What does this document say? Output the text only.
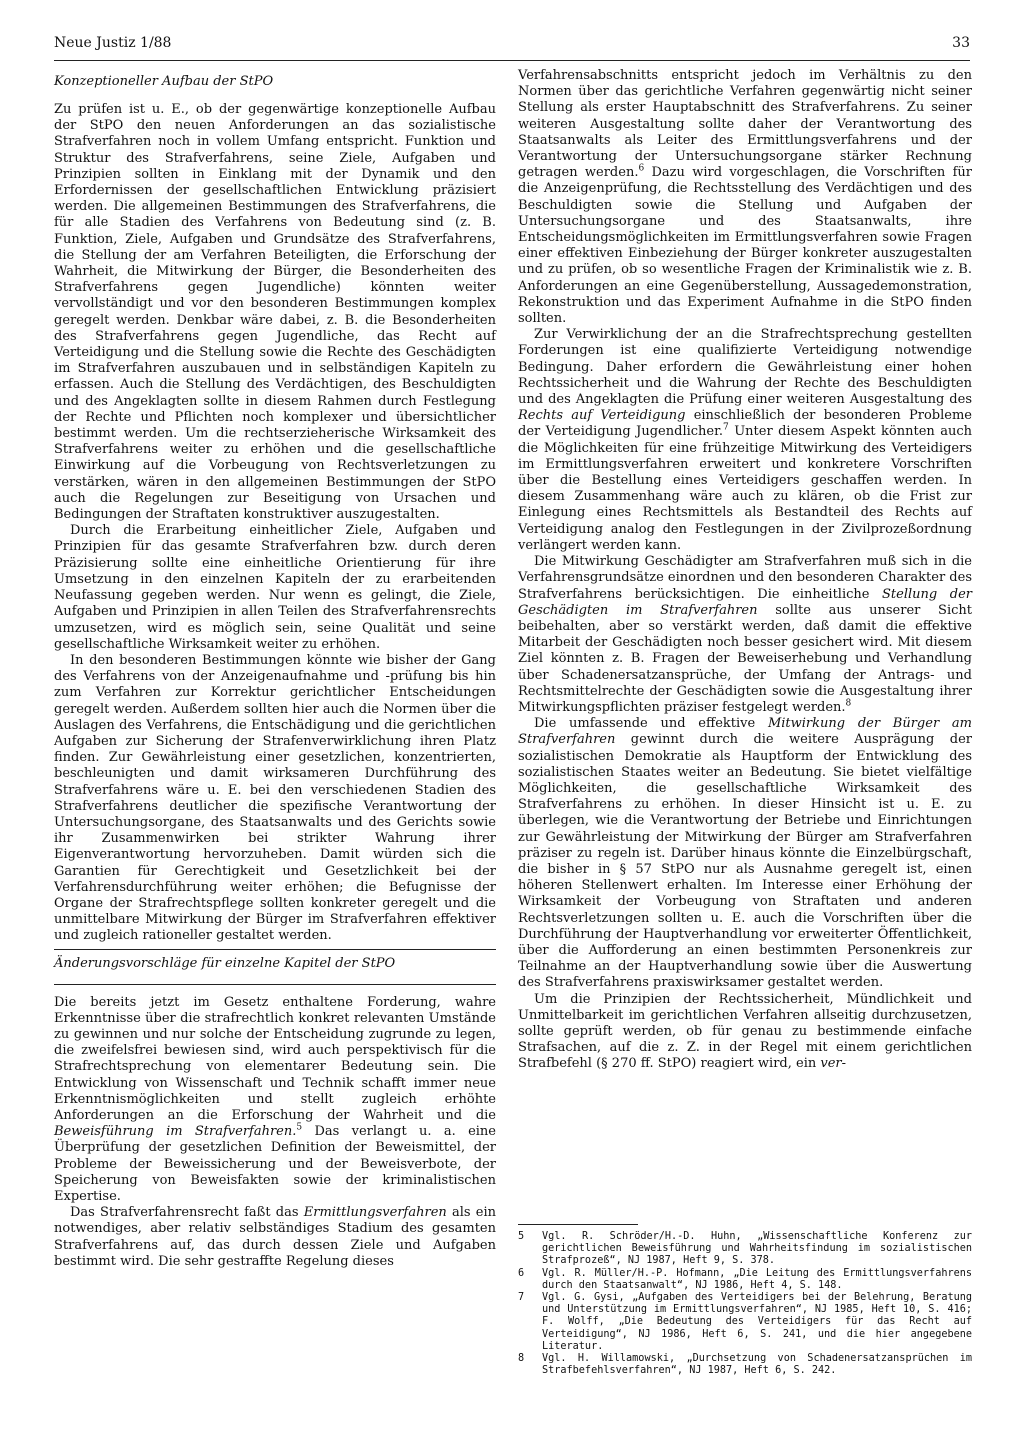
Neue Justiz 1/88	33
Konzeptioneller Aufbau der StPO

Zu prüfen ist u. E., ob der gegenwärtige konzeptionelle Aufbau der StPO den neuen Anforderungen an das sozialistische Strafverfahren noch in vollem Umfang entspricht. Funktion und Struktur des Strafverfahrens, seine Ziele, Aufgaben und Prinzipien sollten in Einklang mit der Dynamik und den Erfordernissen der gesellschaftlichen Entwicklung präzisiert werden. Die allgemeinen Bestimmungen des Strafverfahrens, die für alle Stadien des Verfahrens von Bedeutung sind (z. B. Funktion, Ziele, Aufgaben und Grundsätze des Strafverfahrens, die Stellung der am Verfahren Beteiligten, die Erforschung der Wahrheit, die Mitwirkung der Bürger, die Besonderheiten des Strafverfahrens gegen Jugendliche) könnten weiter vervollständigt und vor den besonderen Bestimmungen komplex geregelt werden. Denkbar wäre dabei, z. B. die Besonderheiten des Strafverfahrens gegen Jugendliche, das Recht auf Verteidigung und die Stellung sowie die Rechte des Geschädigten im Strafverfahren auszubauen und in selbständigen Kapiteln zu erfassen. Auch die Stellung des Verdächtigen, des Beschuldigten und des Angeklagten sollte in diesem Rahmen durch Festlegung der Rechte und Pflichten noch komplexer und übersichtlicher bestimmt werden. Um die rechtserzieherische Wirksamkeit des Strafverfahrens weiter zu erhöhen und die gesellschaftliche Einwirkung auf die Vorbeugung von Rechtsverletzungen zu verstärken, wären in den allgemeinen Bestimmungen der StPO auch die Regelungen zur Beseitigung von Ursachen und Bedingungen der Straftaten konstruktiver auszugestalten.

Durch die Erarbeitung einheitlicher Ziele, Aufgaben und Prinzipien für das gesamte Strafverfahren bzw. durch deren Präzisierung sollte eine einheitliche Orientierung für ihre Umsetzung in den einzelnen Kapiteln der zu erarbeitenden Neufassung gegeben werden. Nur wenn es gelingt, die Ziele, Aufgaben und Prinzipien in allen Teilen des Strafverfahrensrechts umzusetzen, wird es möglich sein, seine Qualität und seine gesellschaftliche Wirksamkeit weiter zu erhöhen.

In den besonderen Bestimmungen könnte wie bisher der Gang des Verfahrens von der Anzeigenaufnahme und -prüfung bis hin zum Verfahren zur Korrektur gerichtlicher Entscheidungen geregelt werden. Außerdem sollten hier auch die Normen über die Auslagen des Verfahrens, die Entschädigung und die gerichtlichen Aufgaben zur Sicherung der Strafenverwirklichung ihren Platz finden. Zur Gewährleistung einer gesetzlichen, konzentrierten, beschleunigten und damit wirksameren Durchführung des Strafverfahrens wäre u. E. bei den verschiedenen Stadien des Strafverfahrens deutlicher die spezifische Verantwortung der Untersuchungsorgane, des Staatsanwalts und des Gerichts sowie ihr Zusammenwirken bei strikter Wahrung ihrer Eigenverantwortung hervorzuheben. Damit würden sich die Garantien für Gerechtigkeit und Gesetzlichkeit bei der Verfahrensdurchführung weiter erhöhen; die Befugnisse der Organe der Strafrechtspflege sollten konkreter geregelt und die unmittelbare Mitwirkung der Bürger im Strafverfahren effektiver und zugleich rationeller gestaltet werden.

Änderungsvorschläge für einzelne Kapitel der StPO

Die bereits jetzt im Gesetz enthaltene Forderung, wahre Erkenntnisse über die strafrechtlich konkret relevanten Umstände zu gewinnen und nur solche der Entscheidung zugrunde zu legen, die zweifelsfrei bewiesen sind, wird auch perspektivisch für die Strafrechtsprechung von elementarer Bedeutung sein. Die Entwicklung von Wissenschaft und Technik schafft immer neue Erkenntnismöglichkeiten und stellt zugleich erhöhte Anforderungen an die Erforschung der Wahrheit und die Beweisführung im Strafverfahren.$^5$ Das verlangt u. a. eine Überprüfung der gesetzlichen Definition der Beweismittel, der Probleme der Beweissicherung und der Beweisverbote, der Speicherung von Beweisfakten sowie der kriminalistischen Expertise.

Das Strafverfahrensrecht faßt das Ermittlungsverfahren als ein notwendiges, aber relativ selbständiges Stadium des gesamten Strafverfahrens auf, das durch dessen Ziele und Aufgaben bestimmt wird. Die sehr gestraffte Regelung dieses

Verfahrensabschnitts entspricht jedoch im Verhältnis zu den Normen über das gerichtliche Verfahren gegenwärtig nicht seiner Stellung als erster Hauptabschnitt des Strafverfahrens. Zu seiner weiteren Ausgestaltung sollte daher der Verantwortung des Staatsanwalts als Leiter des Ermittlungsverfahrens und der Verantwortung der Untersuchungsorgane stärker Rechnung getragen werden.$^6$ Dazu wird vorgeschlagen, die Vorschriften für die Anzeigenprüfung, die Rechtsstellung des Verdächtigen und des Beschuldigten sowie die Stellung und Aufgaben der Untersuchungsorgane und des Staatsanwalts, ihre Entscheidungsmöglichkeiten im Ermittlungsverfahren sowie Fragen einer effektiven Einbeziehung der Bürger konkreter auszugestalten und zu prüfen, ob so wesentliche Fragen der Kriminalistik wie z. B. Anforderungen an eine Gegenüberstellung, Aussagedemonstration, Rekonstruktion und das Experiment Aufnahme in die StPO finden sollten.

Zur Verwirklichung der an die Strafrechtsprechung gestellten Forderungen ist eine qualifizierte Verteidigung notwendige Bedingung. Daher erfordern die Gewährleistung einer hohen Rechtssicherheit und die Wahrung der Rechte des Beschuldigten und des Angeklagten die Prüfung einer weiteren Ausgestaltung des Rechts auf Verteidigung einschließlich der besonderen Probleme der Verteidigung Jugendlicher.$^7$ Unter diesem Aspekt könnten auch die Möglichkeiten für eine frühzeitige Mitwirkung des Verteidigers im Ermittlungsverfahren erweitert und konkretere Vorschriften über die Bestellung eines Verteidigers geschaffen werden. In diesem Zusammenhang wäre auch zu klären, ob die Frist zur Einlegung eines Rechtsmittels als Bestandteil des Rechts auf Verteidigung analog den Festlegungen in der Zivilprozeßordnung verlängert werden kann.

Die Mitwirkung Geschädigter am Strafverfahren muß sich in die Verfahrensgrundsätze einordnen und den besonderen Charakter des Strafverfahrens berücksichtigen. Die einheitliche Stellung der Geschädigten im Strafverfahren sollte aus unserer Sicht beibehalten, aber so verstärkt werden, daß damit die effektive Mitarbeit der Geschädigten noch besser gesichert wird. Mit diesem Ziel könnten z. B. Fragen der Beweiserhebung und Verhandlung über Schadenersatzansprüche, der Umfang der Antrags- und Rechtsmittelrechte der Geschädigten sowie die Ausgestaltung ihrer Mitwirkungspflichten präziser festgelegt werden.$^8$

Die umfassende und effektive Mitwirkung der Bürger am Strafverfahren gewinnt durch die weitere Ausprägung der sozialistischen Demokratie als Hauptform der Entwicklung des sozialistischen Staates weiter an Bedeutung. Sie bietet vielfältige Möglichkeiten, die gesellschaftliche Wirksamkeit des Strafverfahrens zu erhöhen. In dieser Hinsicht ist u. E. zu überlegen, wie die Verantwortung der Betriebe und Einrichtungen zur Gewährleistung der Mitwirkung der Bürger am Strafverfahren präziser zu regeln ist. Darüber hinaus könnte die Einzelbürgschaft, die bisher in § 57 StPO nur als Ausnahme geregelt ist, einen höheren Stellenwert erhalten. Im Interesse einer Erhöhung der Wirksamkeit der Vorbeugung von Straftaten und anderen Rechtsverletzungen sollten u. E. auch die Vorschriften über die Durchführung der Hauptverhandlung vor erweiterter Öffentlichkeit, über die Aufforderung an einen bestimmten Personenkreis zur Teilnahme an der Hauptverhandlung sowie über die Auswertung des Strafverfahrens praxiswirksamer gestaltet werden.

Um die Prinzipien der Rechtssicherheit, Mündlichkeit und Unmittelbarkeit im gerichtlichen Verfahren allseitig durchzusetzen, sollte geprüft werden, ob für genau zu bestimmende einfache Strafsachen, auf die z. Z. in der Regel mit einem gerichtlichen Strafbefehl (§ 270 ff. StPO) reagiert wird, ein ver-

5 Vgl. R. Schröder/H.-D. Huhn, „Wissenschaftliche Konferenz zur gerichtlichen Beweisführung und Wahrheitsfindung im sozialistischen Strafprozeß“, NJ 1987, Heft 9, S. 378.
6 Vgl. R. Müller/H.-P. Hofmann, „Die Leitung des Ermittlungsverfahrens durch den Staatsanwalt“, NJ 1986, Heft 4, S. 148.
7 Vgl. G. Gysi, „Aufgaben des Verteidigers bei der Belehrung, Beratung und Unterstützung im Ermittlungsverfahren“, NJ 1985, Heft 10, S. 416; F. Wolff, „Die Bedeutung des Verteidigers für das Recht auf Verteidigung“, NJ 1986, Heft 6, S. 241, und die hier angegebene Literatur.
8 Vgl. H. Willamowski, „Durchsetzung von Schadenersatzansprüchen im Strafbefehlsverfahren“, NJ 1987, Heft 6, S. 242.
